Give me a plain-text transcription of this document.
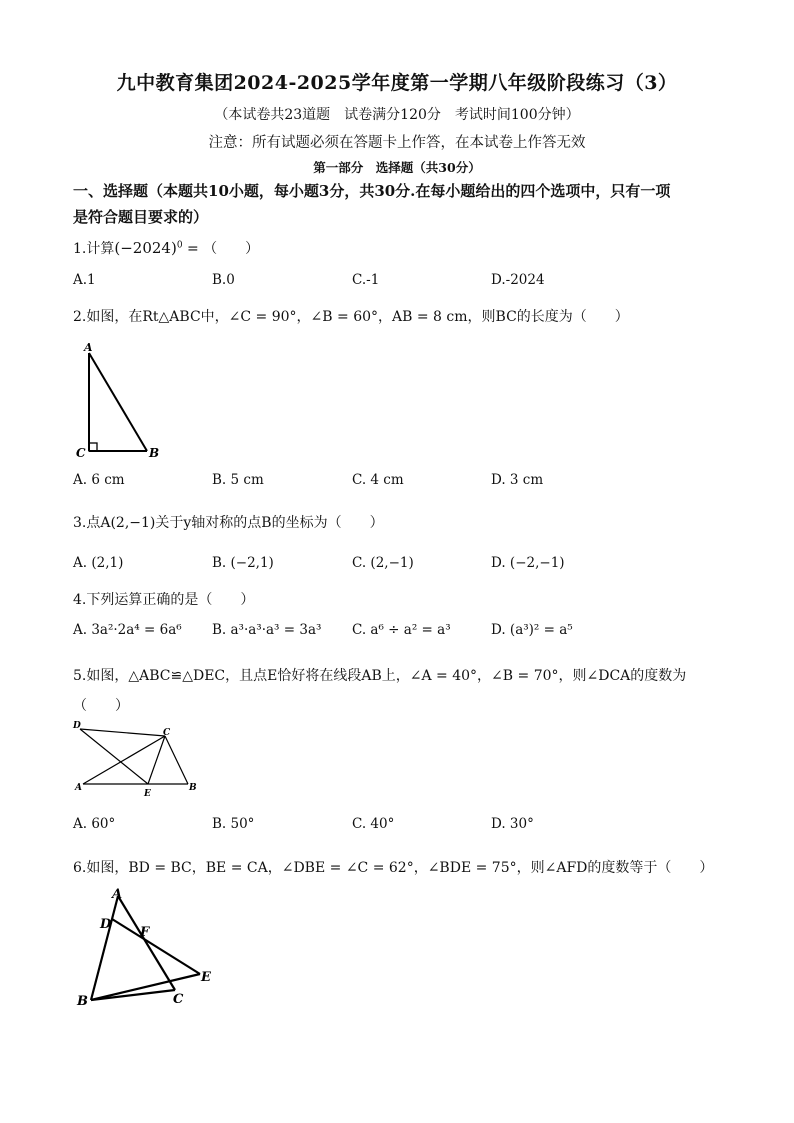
九中教育集团2024-2025学年度第一学期八年级阶段练习（3）
（本试卷共23道题　试卷满分120分　考试时间100分钟）
注意：所有试题必须在答题卡上作答，在本试卷上作答无效
第一部分　选择题（共30分）
一、选择题（本题共10小题，每小题3分，共30分.在每小题给出的四个选项中，只有一项
是符合题目要求的）
1.计算$(-2024)^0$ = （　　）
A.1	B.0	C.-1	D.-2024
2.如图，在Rt△ABC中，∠C = 90°，∠B = 60°，AB = 8 cm，则BC的长度为（　　）
A
C	B
A. 6 cm	B. 5 cm	C. 4 cm	D. 3 cm
3.点A(2,−1)关于y轴对称的点B的坐标为（　　）
A. (2,1)	B. (−2,1)	C. (2,−1)	D. (−2,−1)
4.下列运算正确的是（　　）
A. 3a²·2a⁴ = 6a⁶ B. a³·a³·a³ = 3a³ C. a⁶ ÷ a² = a³	D. (a³)² = a⁵
5.如图，△ABC≌△DEC，且点E恰好将在线段AB上，∠A = 40°，∠B = 70°，则∠DCA的度数为
（　　）
D
C
A
E
B
A. 60°	B. 50°	C. 40°	D. 30°
6.如图，BD = BC，BE = CA，∠DBE = ∠C = 62°，∠BDE = 75°，则∠AFD的度数等于（　　）
A
D
F
E
B	C
